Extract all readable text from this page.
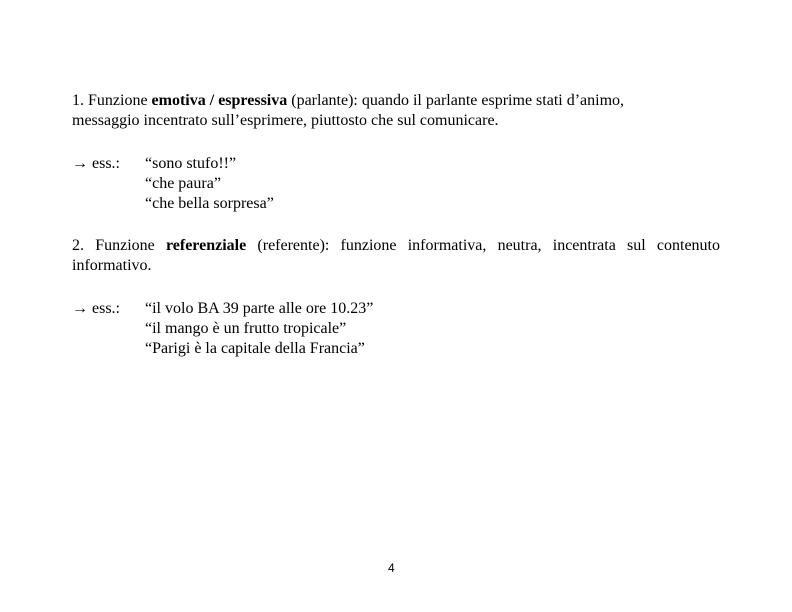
1. Funzione emotiva / espressiva (parlante): quando il parlante esprime stati d’animo,
messaggio incentrato sull’esprimere, piuttosto che sul comunicare.
→ ess.: “sono stufo!!”
“che paura”
“che bella sorpresa”
2. Funzione referenziale (referente): funzione informativa, neutra, incentrata sul contenuto informativo.
→ ess.: “il volo BA 39 parte alle ore 10.23”
“il mango è un frutto tropicale”
“Parigi è la capitale della Francia”
4
